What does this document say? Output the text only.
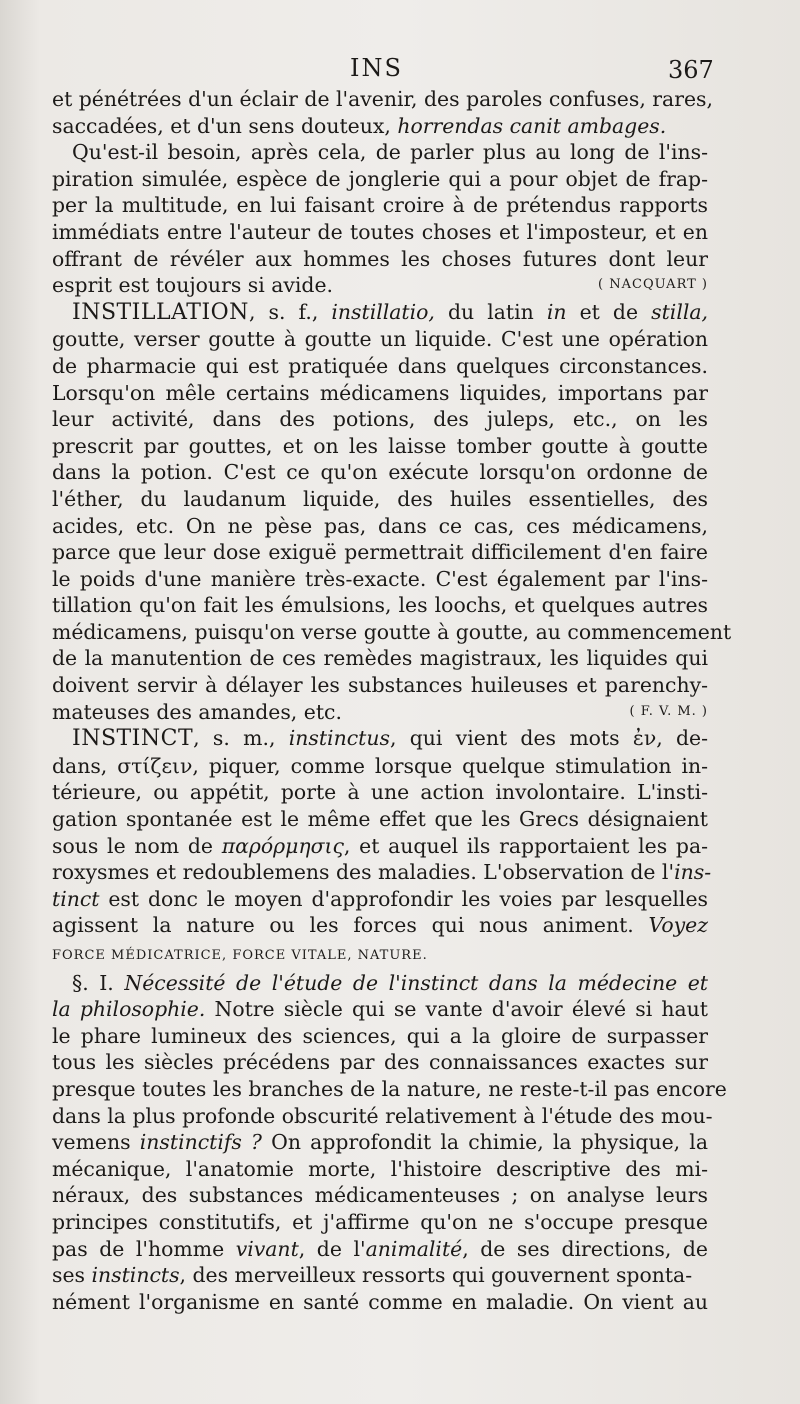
INS	367
et pénétrées d'un éclair de l'avenir, des paroles confuses, rares,
saccadées, et d'un sens douteux, horrendas canit ambages.
Qu'est-il besoin, après cela, de parler plus au long de l'ins-
piration simulée, espèce de jonglerie qui a pour objet de frap-
per la multitude, en lui faisant croire à de prétendus rapports
immédiats entre l'auteur de toutes choses et l'imposteur, et en
offrant de révéler aux hommes les choses futures dont leur
esprit est toujours si avide.	( NACQUART )
INSTILLATION, s. f., instillatio, du latin in et de stilla,
goutte, verser goutte à goutte un liquide. C'est une opération
de pharmacie qui est pratiquée dans quelques circonstances.
Lorsqu'on mêle certains médicamens liquides, importans par
leur activité, dans des potions, des juleps, etc., on les
prescrit par gouttes, et on les laisse tomber goutte à goutte
dans la potion. C'est ce qu'on exécute lorsqu'on ordonne de
l'éther, du laudanum liquide, des huiles essentielles, des
acides, etc. On ne pèse pas, dans ce cas, ces médicamens,
parce que leur dose exiguë permettrait difficilement d'en faire
le poids d'une manière très-exacte. C'est également par l'ins-
tillation qu'on fait les émulsions, les loochs, et quelques autres
médicamens, puisqu'on verse goutte à goutte, au commencement
de la manutention de ces remèdes magistraux, les liquides qui
doivent servir à délayer les substances huileuses et parenchy-
mateuses des amandes, etc.	( F. V. M. )
INSTINCT, s. m., instinctus, qui vient des mots ἐν, de-
dans, στίζειν, piquer, comme lorsque quelque stimulation in-
térieure, ou appétit, porte à une action involontaire. L'insti-
gation spontanée est le même effet que les Grecs désignaient
sous le nom de παρόρμησις, et auquel ils rapportaient les pa-
roxysmes et redoublemens des maladies. L'observation de l'ins-
tinct est donc le moyen d'approfondir les voies par lesquelles
agissent la nature ou les forces qui nous animent. Voyez
FORCE MÉDICATRICE, FORCE VITALE, NATURE.
§. I. Nécessité de l'étude de l'instinct dans la médecine et
la philosophie. Notre siècle qui se vante d'avoir élevé si haut
le phare lumineux des sciences, qui a la gloire de surpasser
tous les siècles précédens par des connaissances exactes sur
presque toutes les branches de la nature, ne reste-t-il pas encore
dans la plus profonde obscurité relativement à l'étude des mou-
vemens instinctifs ? On approfondit la chimie, la physique, la
mécanique, l'anatomie morte, l'histoire descriptive des mi-
néraux, des substances médicamenteuses ; on analyse leurs
principes constitutifs, et j'affirme qu'on ne s'occupe presque
pas de l'homme vivant, de l'animalité, de ses directions, de
ses instincts, des merveilleux ressorts qui gouvernent sponta-
nément l'organisme en santé comme en maladie. On vient au
